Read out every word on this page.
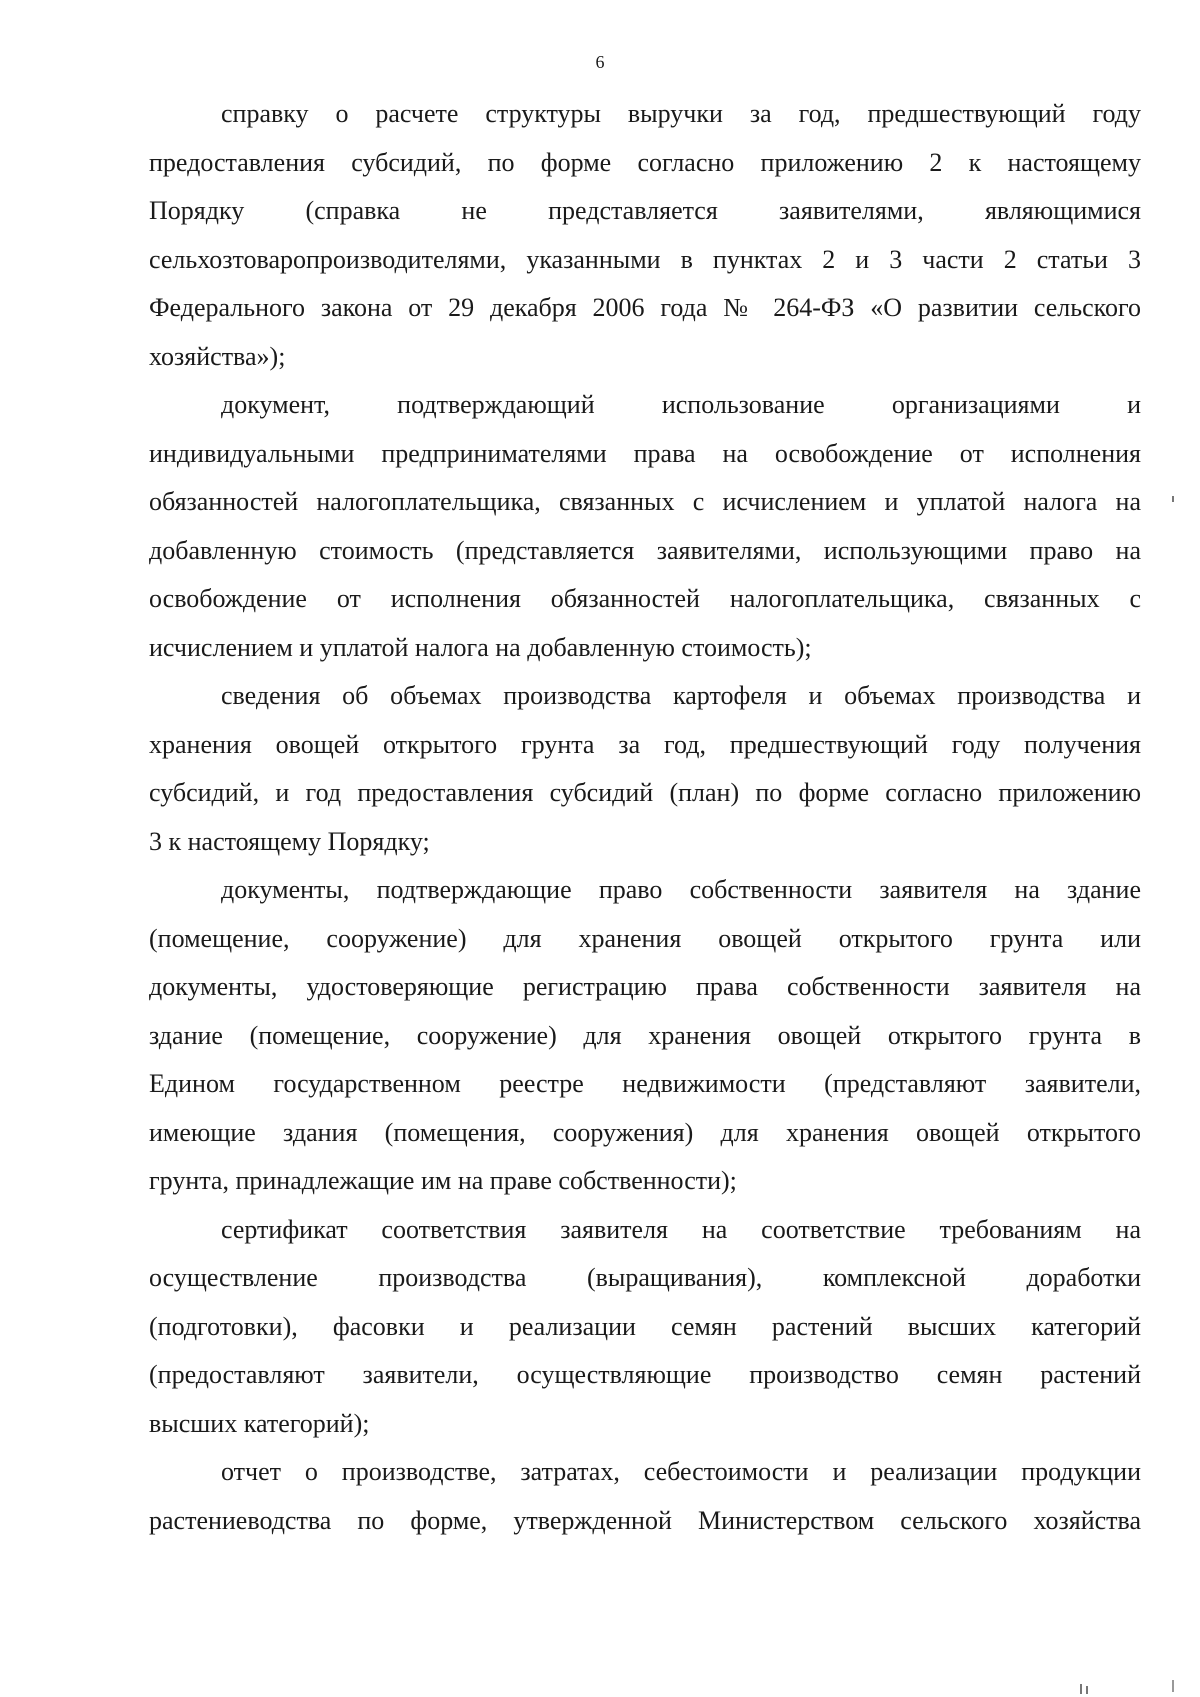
6

справку о расчете структуры выручки за год, предшествующий году
предоставления субсидий, по форме согласно приложению 2 к настоящему
Порядку (справка не представляется заявителями, являющимися
сельхозтоваропроизводителями, указанными в пунктах 2 и 3 части 2 статьи 3
Федерального закона от 29 декабря 2006 года № 264-ФЗ «О развитии сельского
хозяйства»);

документ, подтверждающий использование организациями и
индивидуальными предпринимателями права на освобождение от исполнения
обязанностей налогоплательщика, связанных с исчислением и уплатой налога на
добавленную стоимость (представляется заявителями, использующими право на
освобождение от исполнения обязанностей налогоплательщика, связанных с
исчислением и уплатой налога на добавленную стоимость);

сведения об объемах производства картофеля и объемах производства и
хранения овощей открытого грунта за год, предшествующий году получения
субсидий, и год предоставления субсидий (план) по форме согласно приложению
3 к настоящему Порядку;

документы, подтверждающие право собственности заявителя на здание
(помещение, сооружение) для хранения овощей открытого грунта или
документы, удостоверяющие регистрацию права собственности заявителя на
здание (помещение, сооружение) для хранения овощей открытого грунта в
Едином государственном реестре недвижимости (представляют заявители,
имеющие здания (помещения, сооружения) для хранения овощей открытого
грунта, принадлежащие им на праве собственности);

сертификат соответствия заявителя на соответствие требованиям на
осуществление производства (выращивания), комплексной доработки
(подготовки), фасовки и реализации семян растений высших категорий
(предоставляют заявители, осуществляющие производство семян растений
высших категорий);

отчет о производстве, затратах, себестоимости и реализации продукции
растениеводства по форме, утвержденной Министерством сельского хозяйства
